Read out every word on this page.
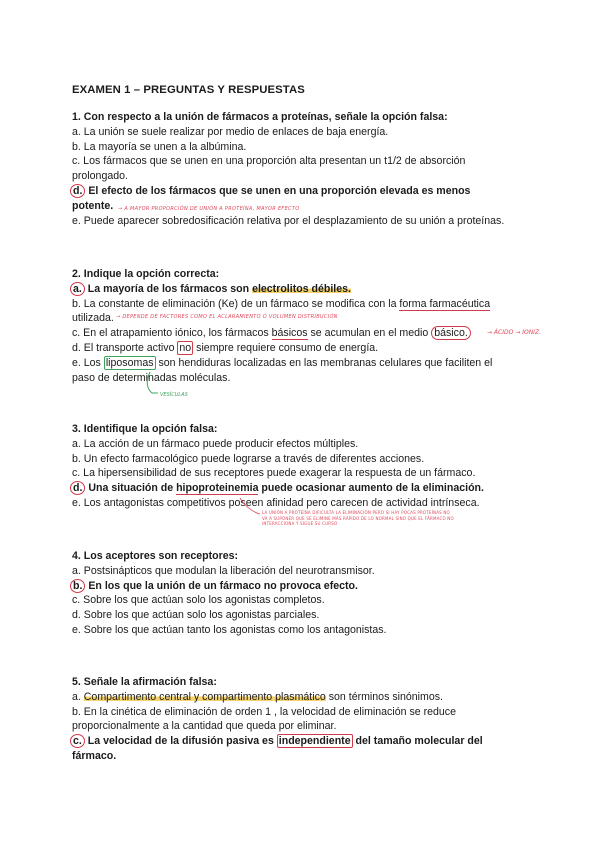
EXAMEN 1 – PREGUNTAS Y RESPUESTAS
1. Con respecto a la unión de fármacos a proteínas, señale la opción falsa:
a. La unión se suele realizar por medio de enlaces de baja energía.
b. La mayoría se unen a la albúmina.
c. Los fármacos que se unen en una proporción alta presentan un t1/2 de absorción
prolongado.
d. El efecto de los fármacos que se unen en una proporción elevada es menos
potente.
e. Puede aparecer sobredosificación relativa por el desplazamiento de su unión a proteínas.
→ A MAYOR PROPORCIÓN DE UNIÓN A PROTEÍNA, MAYOR EFECTO
2. Indique la opción correcta:
a. La mayoría de los fármacos son electrolitos débiles.
b. La constante de eliminación (Ke) de un fármaco se modifica con la forma farmacéutica
utilizada.
c. En el atrapamiento iónico, los fármacos básicos se acumulan en el medio básico.
d. El transporte activo no siempre requiere consumo de energía.
e. Los liposomas son hendiduras localizadas en las membranas celulares que faciliten el
paso de determinadas moléculas.
→ DEPENDE DE FACTORES COMO EL ACLARAMIENTO O VOLUMEN DISTRIBUCIÓN
→ ÁCIDO → IONIZ.
VESÍCULAS
3. Identifique la opción falsa:
a. La acción de un fármaco puede producir efectos múltiples.
b. Un efecto farmacológico puede lograrse a través de diferentes acciones.
c. La hipersensibilidad de sus receptores puede exagerar la respuesta de un fármaco.
d. Una situación de hipoproteinemia puede ocasionar aumento de la eliminación.
e. Los antagonistas competitivos poseen afinidad pero carecen de actividad intrínseca.
LA UNIÓN A PROTEÍNA DIFICULTA LA ELIMINACIÓN PERO SI HAY POCAS PROTEÍNAS NO
VA A SUPONER QUE SE ELIMINE MÁS RÁPIDO DE LO NORMAL SINO QUE EL FÁRMACO NO
INTERACCIONA Y SIGUE SU CURSO
4. Los aceptores son receptores:
a. Postsinápticos que modulan la liberación del neurotransmisor.
b. En los que la unión de un fármaco no provoca efecto.
c. Sobre los que actúan solo los agonistas completos.
d. Sobre los que actúan solo los agonistas parciales.
e. Sobre los que actúan tanto los agonistas como los antagonistas.
5. Señale la afirmación falsa:
a. Compartimento central y compartimento plasmático son términos sinónimos.
b. En la cinética de eliminación de orden 1 , la velocidad de eliminación se reduce
proporcionalmente a la cantidad que queda por eliminar.
c. La velocidad de la difusión pasiva es independiente del tamaño molecular del
fármaco.
